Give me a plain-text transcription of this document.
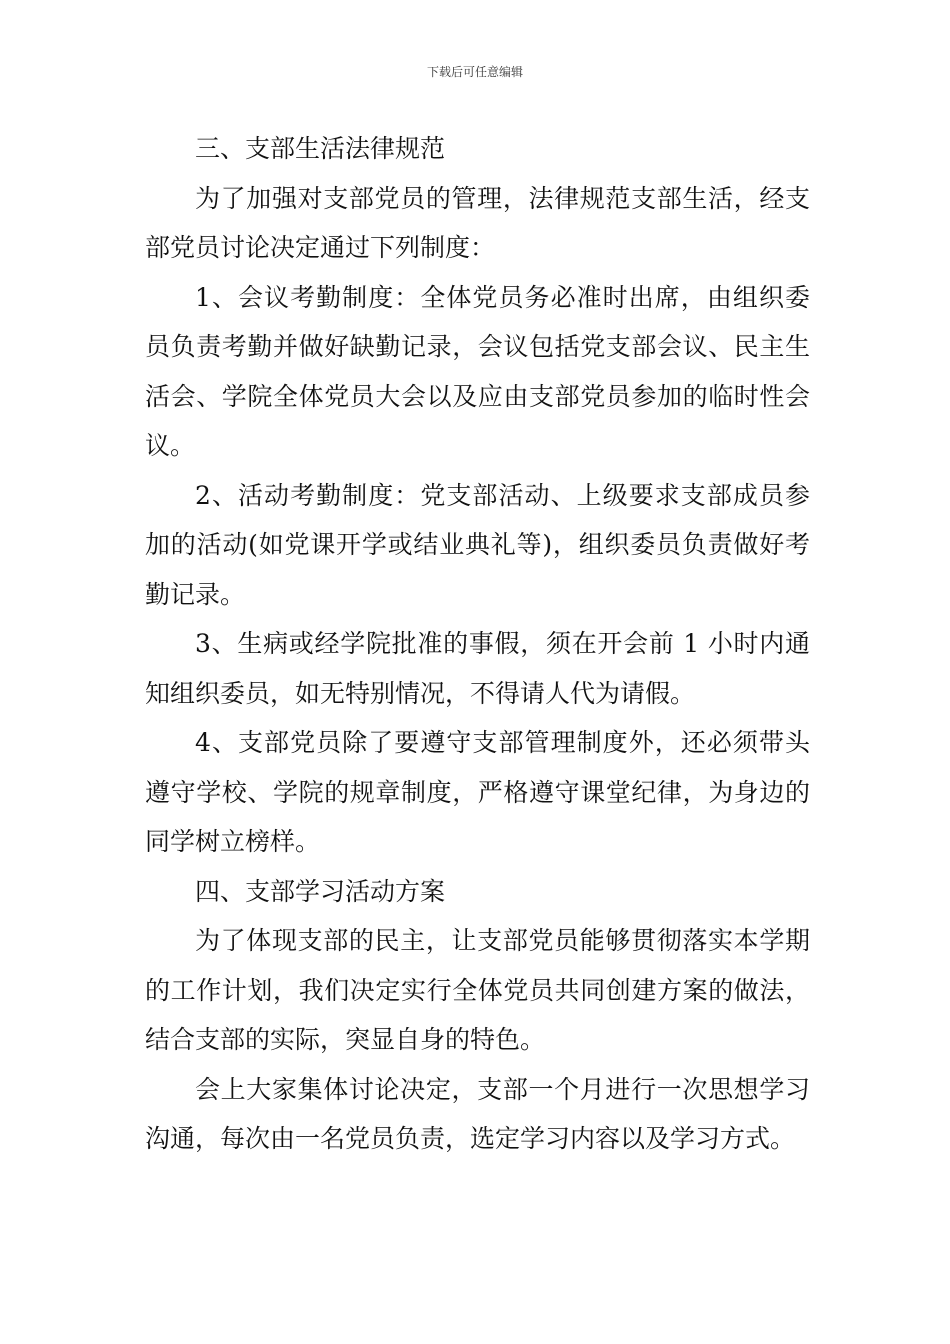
下载后可任意编辑

三、支部生活法律规范

为了加强对支部党员的管理，法律规范支部生活，经支部党员讨论决定通过下列制度：

1、会议考勤制度：全体党员务必准时出席，由组织委员负责考勤并做好缺勤记录，会议包括党支部会议、民主生活会、学院全体党员大会以及应由支部党员参加的临时性会议。

2、活动考勤制度：党支部活动、上级要求支部成员参加的活动(如党课开学或结业典礼等)，组织委员负责做好考勤记录。

3、生病或经学院批准的事假，须在开会前 1 小时内通知组织委员，如无特别情况，不得请人代为请假。

4、支部党员除了要遵守支部管理制度外，还必须带头遵守学校、学院的规章制度，严格遵守课堂纪律，为身边的同学树立榜样。

四、支部学习活动方案

为了体现支部的民主，让支部党员能够贯彻落实本学期的工作计划，我们决定实行全体党员共同创建方案的做法，结合支部的实际，突显自身的特色。

会上大家集体讨论决定，支部一个月进行一次思想学习沟通，每次由一名党员负责，选定学习内容以及学习方式。
